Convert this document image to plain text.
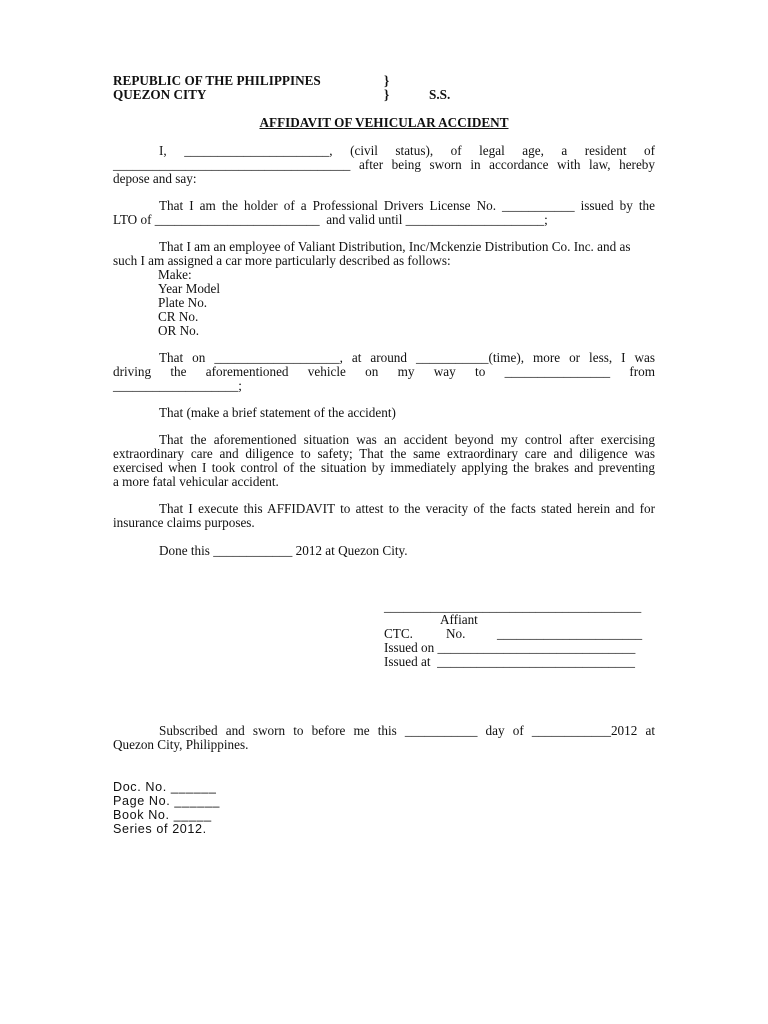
REPUBLIC OF THE PHILIPPINES
QUEZON CITY
}
}	S.S.
AFFIDAVIT OF VEHICULAR ACCIDENT
I, ______________________, (civil status), of legal age, a resident of
____________________________________ after being sworn in accordance with law, hereby
depose and say:
That I am the holder of a Professional Drivers License No. ___________ issued by the
LTO of _________________________  and valid until _____________________;
That I am an employee of Valiant Distribution, Inc/Mckenzie Distribution Co. Inc. and as
such I am assigned a car more particularly described as follows:
Make:
Year Model
Plate No.
CR No.
OR No.
That on ___________________, at around ___________(time), more or less, I was
driving the aforementioned vehicle on my way to ________________ from
___________________;
That (make a brief statement of the accident)
That the aforementioned situation was an accident beyond my control after exercising
extraordinary care and diligence to safety; That the same extraordinary care and diligence was
exercised when I took control of the situation by immediately applying the brakes and preventing
a more fatal vehicular accident.
That I execute this AFFIDAVIT to attest to the veracity of the facts stated herein and for
insurance claims purposes.
Done this ____________ 2012 at Quezon City.
_______________________________________
Affiant
CTC.	No. ______________________
Issued on ______________________________
Issued at  ______________________________
Subscribed and sworn to before me this ___________ day of ____________2012 at
Quezon City, Philippines.
Doc. No. ______
Page No. ______
Book No. _____
Series of 2012.
